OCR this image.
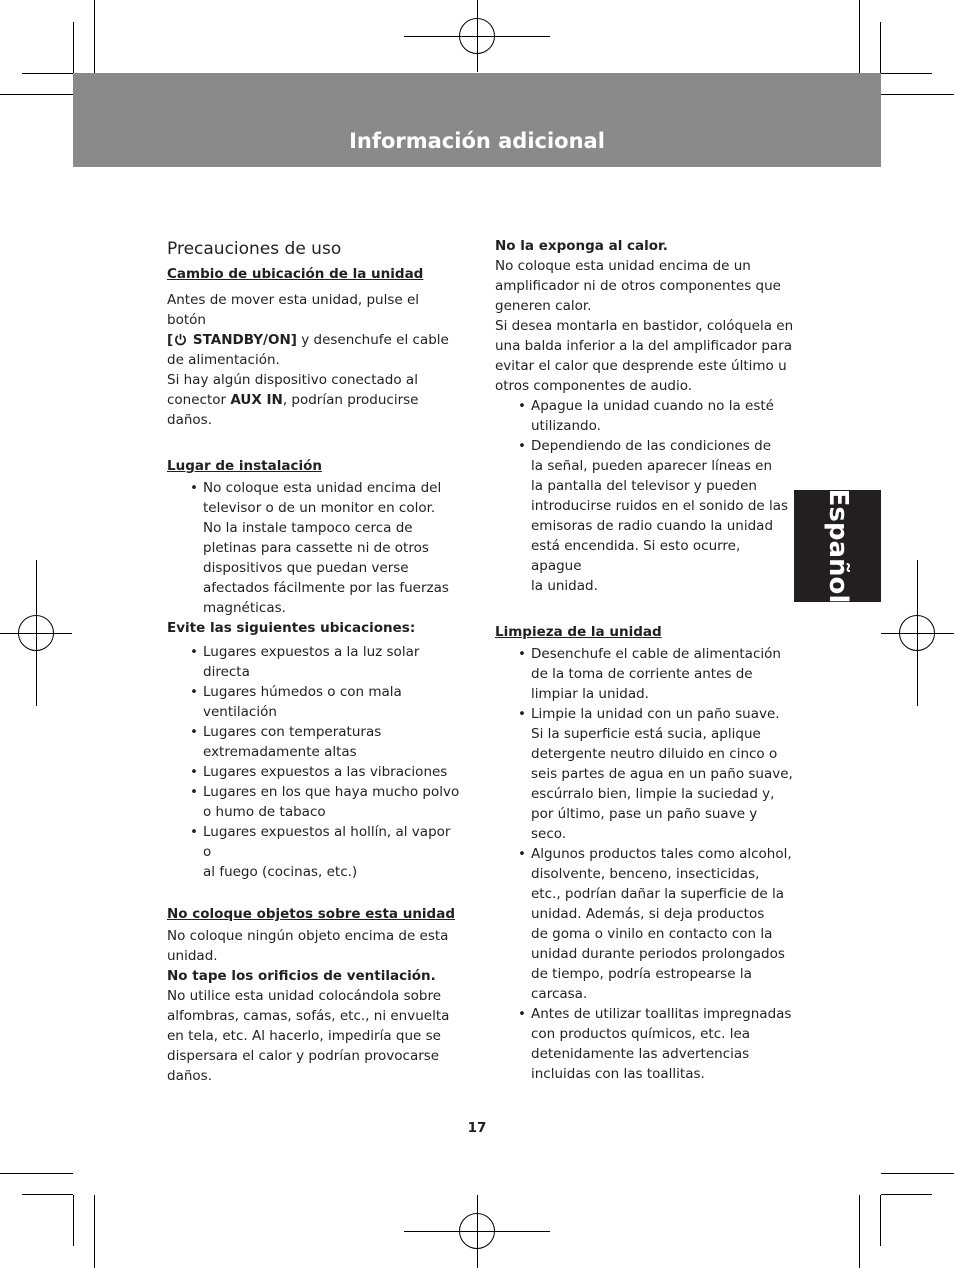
Información adicional
Español
Precauciones de uso
Cambio de ubicación de la unidad

Antes de mover esta unidad, pulse el botón
[ STANDBY/ON] y desenchufe el cable
de alimentación.
Si hay algún dispositivo conectado al
conector AUX IN, podrían producirse
daños.

Lugar de instalación
• No coloque esta unidad encima del
televisor o de un monitor en color.
No la instale tampoco cerca de
pletinas para cassette ni de otros
dispositivos que puedan verse
afectados fácilmente por las fuerzas
magnéticas.
Evite las siguientes ubicaciones:
• Lugares expuestos a la luz solar
directa
• Lugares húmedos o con mala
ventilación
• Lugares con temperaturas
extremadamente altas
• Lugares expuestos a las vibraciones
• Lugares en los que haya mucho polvo
o humo de tabaco
• Lugares expuestos al hollín, al vapor o
al fuego (cocinas, etc.)
No coloque objetos sobre esta unidad

No coloque ningún objeto encima de esta
unidad.

No tape los orificios de ventilación.

No utilice esta unidad colocándola sobre
alfombras, camas, sofás, etc., ni envuelta
en tela, etc. Al hacerlo, impediría que se
dispersara el calor y podrían provocarse
daños.

No la exponga al calor.

No coloque esta unidad encima de un
amplificador ni de otros componentes que
generen calor.

Si desea montarla en bastidor, colóquela en
una balda inferior a la del amplificador para
evitar el calor que desprende este último u
otros componentes de audio.

• Apague la unidad cuando no la esté
utilizando.
• Dependiendo de las condiciones de
la señal, pueden aparecer líneas en
la pantalla del televisor y pueden
introducirse ruidos en el sonido de las
emisoras de radio cuando la unidad
está encendida. Si esto ocurre, apague
la unidad.
Limpieza de la unidad
• Desenchufe el cable de alimentación
de la toma de corriente antes de
limpiar la unidad.
• Limpie la unidad con un paño suave.
Si la superficie está sucia, aplique
detergente neutro diluido en cinco o
seis partes de agua en un paño suave,
escúrralo bien, limpie la suciedad y,
por último, pase un paño suave y seco.
• Algunos productos tales como alcohol,
disolvente, benceno, insecticidas,
etc., podrían dañar la superficie de la
unidad. Además, si deja productos
de goma o vinilo en contacto con la
unidad durante periodos prolongados
de tiempo, podría estropearse la
carcasa.
• Antes de utilizar toallitas impregnadas
con productos químicos, etc. lea
detenidamente las advertencias
incluidas con las toallitas.
17
